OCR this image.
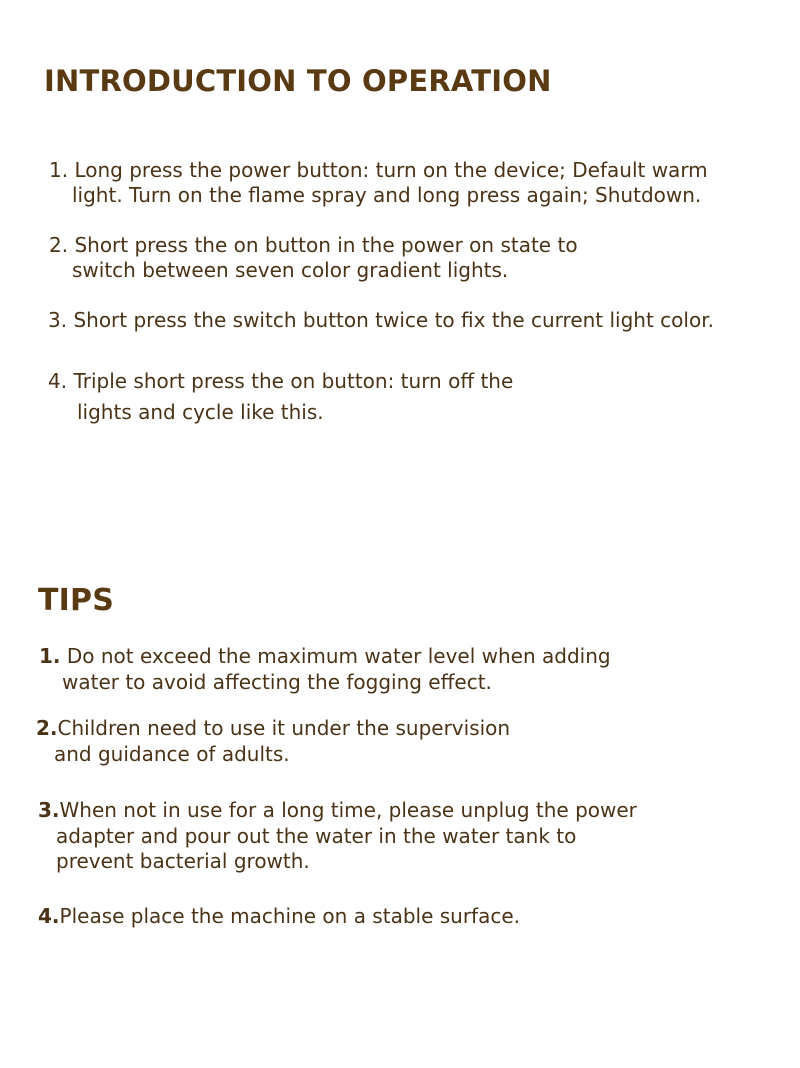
INTRODUCTION TO OPERATION

1. Long press the power button: turn on the device; Default warm

light. Turn on the flame spray and long press again; Shutdown.

2. Short press the on button in the power on state to

switch between seven color gradient lights.

3. Short press the switch button twice to fix the current light color.

4. Triple short press the on button: turn off the

lights and cycle like this.

TIPS

1. Do not exceed the maximum water level when adding

water to avoid affecting the fogging effect.

2.Children need to use it under the supervision

and guidance of adults.

3.When not in use for a long time, please unplug the power

adapter and pour out the water in the water tank to

prevent bacterial growth.

4.Please place the machine on a stable surface.
